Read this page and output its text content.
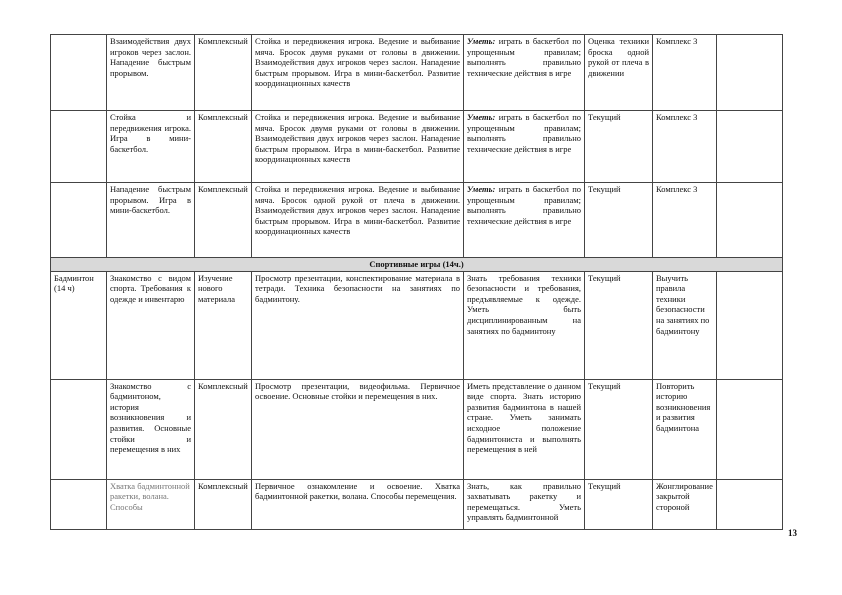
	Взаимодействия двух игроков через заслон. Нападение быстрым прорывом.	Комплексный	Стойка и передвижения игрока. Ведение и выбивание мяча. Бросок двумя руками от головы в движении. Взаимодействия двух игроков через заслон. Нападение быстрым прорывом. Игра в мини-баскетбол. Развитие координационных качеств	Уметь: играть в баскетбол по упрощенным правилам; выполнять правильно технические действия в игре	Оценка техники броска одной рукой от плеча в движении	Комплекс 3	
	Стойка и передвижения игрока. Игра в мини-баскетбол.	Комплексный	Стойка и передвижения игрока. Ведение и выбивание мяча. Бросок двумя руками от головы в движении. Взаимодействия двух игроков через заслон. Нападение быстрым прорывом. Игра в мини-баскетбол. Развитие координационных качеств	Уметь: играть в баскетбол по упрощенным правилам; выполнять правильно технические действия в игре	Текущий	Комплекс 3	
	Нападение быстрым прорывом. Игра в мини-баскетбол.	Комплексный	Стойка и передвижения игрока. Ведение и выбивание мяча. Бросок одной рукой от плеча в движении. Взаимодействия двух игроков через заслон. Нападение быстрым прорывом. Игра в мини-баскетбол. Развитие координационных качеств	Уметь: играть в баскетбол по упрощенным правилам; выполнять правильно технические действия в игре	Текущий	Комплекс 3	
Спортивные игры (14ч.)							
Бадминтон (14 ч)	Знакомство с видом спорта. Требования к одежде и инвентарю	Изучение нового материала	Просмотр презентации, конспектирование материала в тетради. Техника безопасности на занятиях по бадминтону.	Знать требования техники безопасности и требования, предъявляемые к одежде. Уметь быть дисциплинированным на занятиях по бадминтону	Текущий	Выучить правила техники безопасности на занятиях по бадминтону	
	Знакомство с бадминтоном, история возникновения и развития. Основные стойки и перемещения в них	Комплексный	Просмотр презентации, видеофильма. Первичное освоение. Основные стойки и перемещения в них.	Иметь представление о данном виде спорта. Знать историю развития бадминтона в нашей стране. Уметь занимать исходное положение бадминтониста и выполнять перемещения в ней	Текущий	Повторить историю возникновения и развития бадминтона	
	Хватка бадминтонной ракетки, волана. Способы	Комплексный	Первичное ознакомление и освоение. Хватка бадминтонной ракетки, волана. Способы перемещения.	Знать, как правильно захватывать ракетку и перемещаться. Уметь управлять бадминтонной	Текущий	Жонглирование закрытой стороной	
13
